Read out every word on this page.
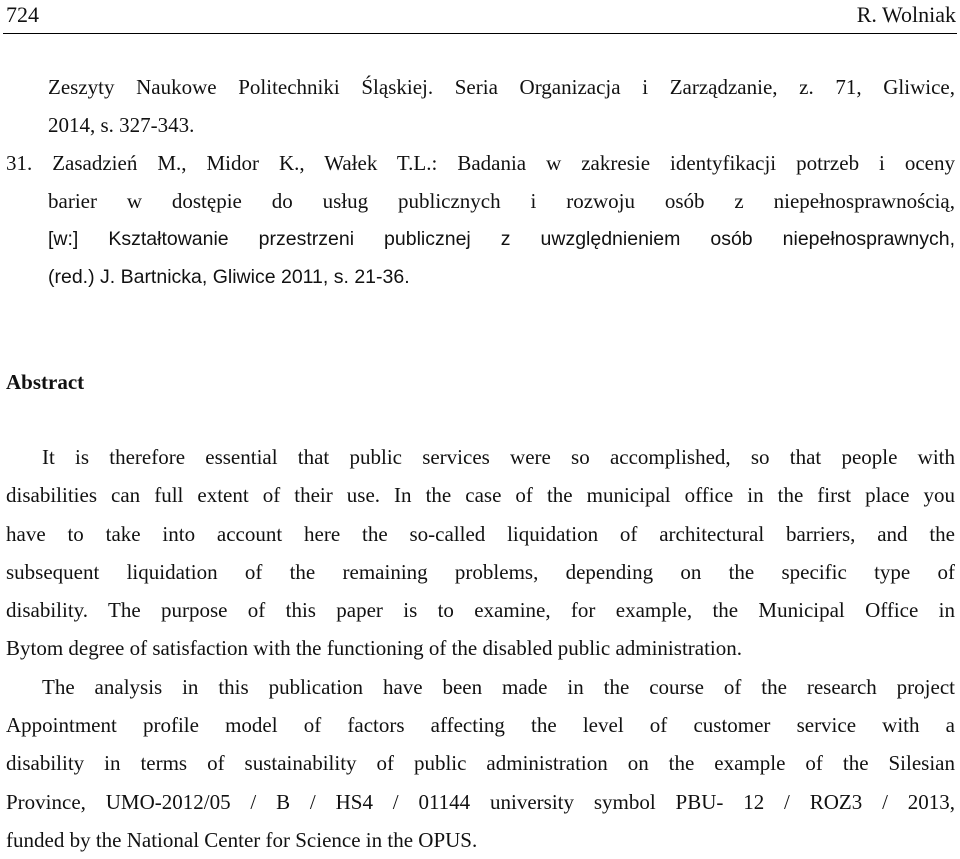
724	R. Wolniak
Zeszyty Naukowe Politechniki Śląskiej. Seria Organizacja i Zarządzanie, z. 71, Gliwice,
2014, s. 327-343.
31. Zasadzień M., Midor K., Wałek T.L.: Badania w zakresie identyfikacji potrzeb i oceny
barier w dostępie do usług publicznych i rozwoju osób z niepełnosprawnością,
[w:] Kształtowanie przestrzeni publicznej z uwzględnieniem osób niepełnosprawnych,
(red.) J. Bartnicka, Gliwice 2011, s. 21-36.
Abstract
It is therefore essential that public services were so accomplished, so that people with
disabilities can full extent of their use. In the case of the municipal office in the first place you
have to take into account here the so-called liquidation of architectural barriers, and the
subsequent liquidation of the remaining problems, depending on the specific type of
disability. The purpose of this paper is to examine, for example, the Municipal Office in
Bytom degree of satisfaction with the functioning of the disabled public administration.
The analysis in this publication have been made in the course of the research project
Appointment profile model of factors affecting the level of customer service with a
disability in terms of sustainability of public administration on the example of the Silesian
Province, UMO-2012/05 / B / HS4 / 01144 university symbol PBU- 12 / ROZ3 / 2013,
funded by the National Center for Science in the OPUS.
